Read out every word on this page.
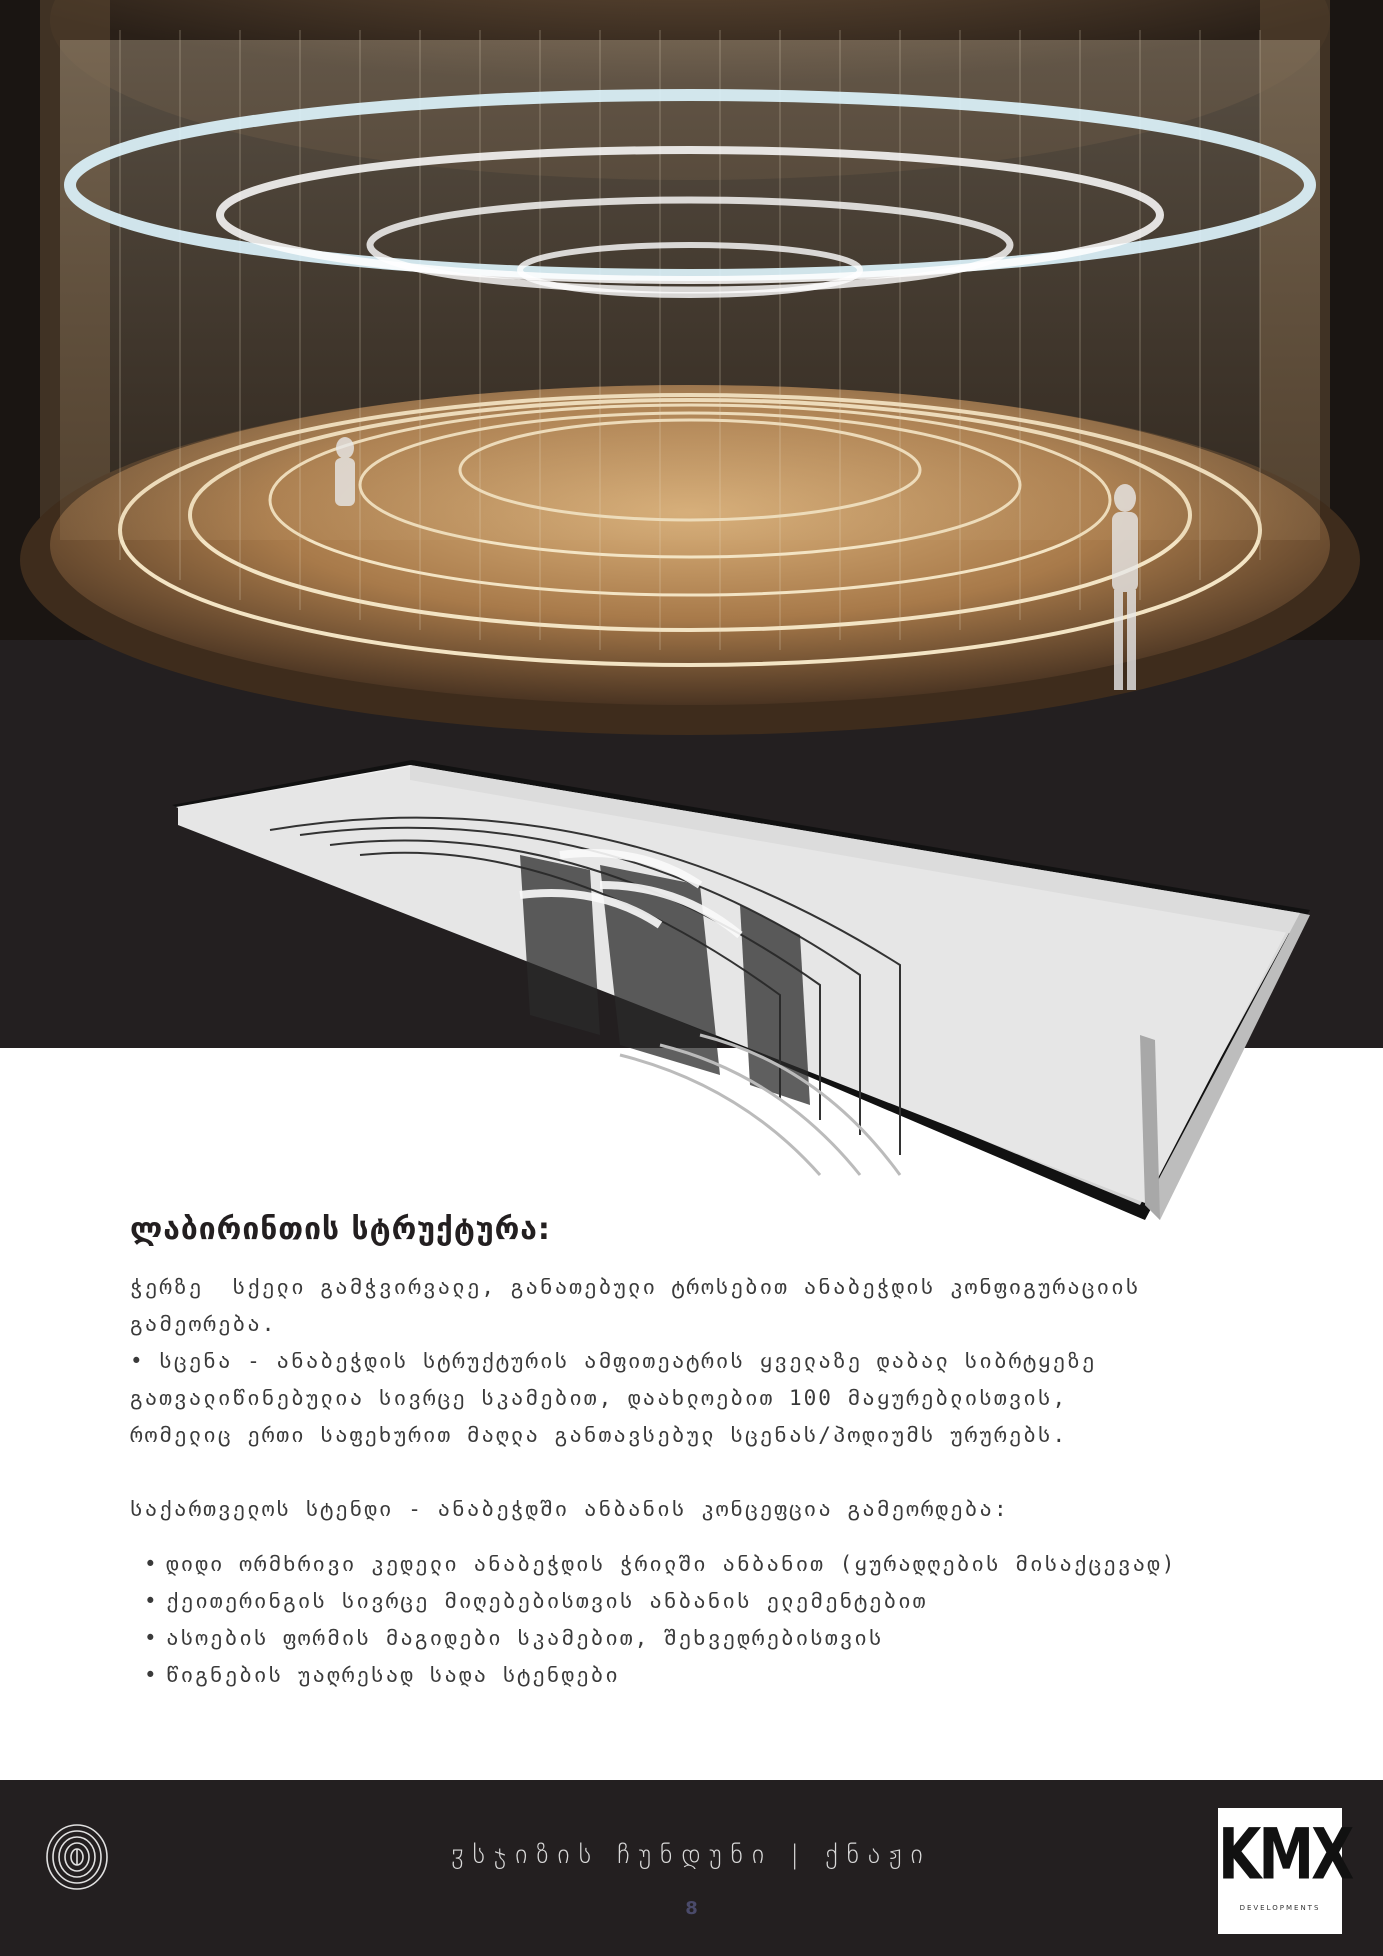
ლაბირინთის სტრუქტურა:

ჭერზე  სქელი გამჭვირვალე, განათებული ტროსებით ანაბეჭდის კონფიგურაციის

გამეორება.

• სცენა - ანაბეჭდის სტრუქტურის ამფითეატრის ყველაზე დაბალ სიბრტყეზე

გათვალიწინებულია სივრცე სკამებით, დაახლოებით 100 მაყურებლისთვის,

რომელიც ერთი საფეხურით მაღლა განთავსებულ სცენას/პოდიუმს ურურებს.

საქართველოს სტენდი - ანაბეჭდში ანბანის კონცეფცია გამეორდება:

• დიდი ორმხრივი კედელი ანაბეჭდის ჭრილში ანბანით (ყურადღების მისაქცევად)
• ქეითერინგის სივრცე მიღებებისთვის ანბანის ელემენტებით
• ასოების ფორმის მაგიდები სკამებით, შეხვედრებისთვის
• წიგნების უაღრესად სადა სტენდები
ჳსჯიზის ჩუნდუნი | ქნაჟი
8
KMX
DEVELOPMENTS
